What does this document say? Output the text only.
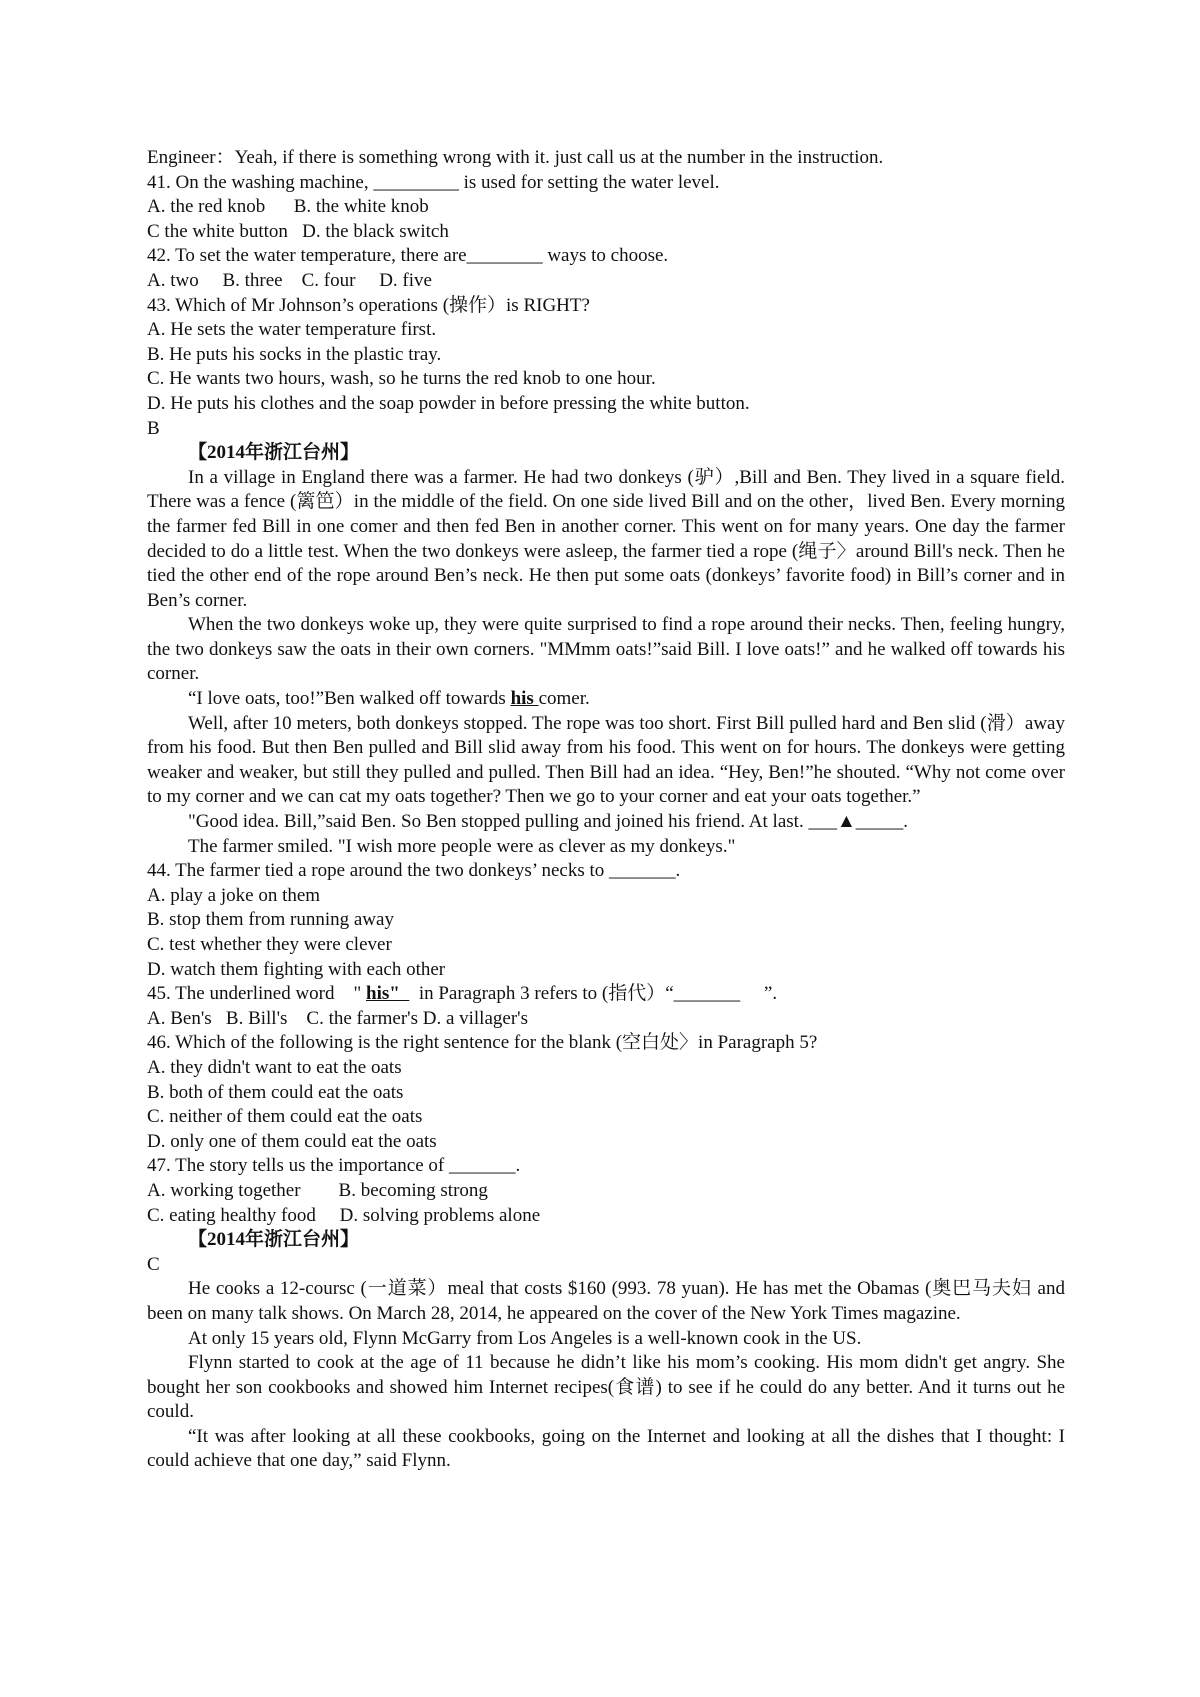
Engineer：Yeah, if there is something wrong with it. just call us at the number in the instruction.
41. On the washing machine, _________ is used for setting the water level.
A. the red knob      B. the white knob
C the white button   D. the black switch
42. To set the water temperature, there are________ ways to choose.
A. two     B. three    C. four     D. five
43. Which of Mr Johnson’s operations (操作）is RIGHT?
A. He sets the water temperature first.
B. He puts his socks in the plastic tray.
C. He wants two hours, wash, so he turns the red knob to one hour.
D. He puts his clothes and the soap powder in before pressing the white button.
B
【2014年浙江台州】
In a village in England there was a farmer. He had two donkeys (驴）,Bill and Ben. They lived in a square field. There was a fence (篱笆）in the middle of the field. On one side lived Bill and on the other，lived Ben. Every morning the farmer fed Bill in one comer and then fed Ben in another corner. This went on for many years. One day the farmer decided to do a little test. When the two donkeys were asleep, the farmer tied a rope (绳子〉around Bill's neck. Then he tied the other end of the rope around Ben’s neck. He then put some oats (donkeys’ favorite food) in Bill’s corner and in Ben’s corner.
When the two donkeys woke up, they were quite surprised to find a rope around their necks. Then, feeling hungry, the two donkeys saw the oats in their own corners. "MMmm oats!”said Bill. I love oats!” and he walked off towards his corner.
“I love oats, too!”Ben walked off towards his comer.
Well, after 10 meters, both donkeys stopped. The rope was too short. First Bill pulled hard and Ben slid (滑）away from his food. But then Ben pulled and Bill slid away from his food. This went on for hours. The donkeys were getting weaker and weaker, but still they pulled and pulled. Then Bill had an idea. “Hey, Ben!”he shouted. “Why not come over to my corner and we can cat my oats together? Then we go to your corner and eat your oats together.”
"Good idea. Bill,”said Ben. So Ben stopped pulling and joined his friend. At last. ___▲_____.
The farmer smiled. "I wish more people were as clever as my donkeys."
44. The farmer tied a rope around the two donkeys’ necks to _______.
A. play a joke on them
B. stop them from running away
C. test whether they were clever
D. watch them fighting with each other
45. The underlined word    " his"    in Paragraph 3 refers to (指代）“_______     ”.
A. Ben's   B. Bill's    C. the farmer's D. a villager's
46. Which of the following is the right sentence for the blank (空白处〉in Paragraph 5?
A. they didn't want to eat the oats
B. both of them could eat the oats
C. neither of them could eat the oats
D. only one of them could eat the oats
47. The story tells us the importance of _______.
A. working together        B. becoming strong
C. eating healthy food     D. solving problems alone
【2014年浙江台州】
C
He cooks a 12-coursc (一道菜）meal that costs $160 (993. 78 yuan). He has met the Obamas (奥巴马夫妇 and been on many talk shows. On March 28, 2014, he appeared on the cover of the New York Times magazine.
At only 15 years old, Flynn McGarry from Los Angeles is a well-known cook in the US.
Flynn started to cook at the age of 11 because he didn’t like his mom’s cooking. His mom didn't get angry. She bought her son cookbooks and showed him Internet recipes(食谱) to see if he could do any better. And it turns out he could.
“It was after looking at all these cookbooks, going on the Internet and looking at all the dishes that I thought: I could achieve that one day,” said Flynn.
